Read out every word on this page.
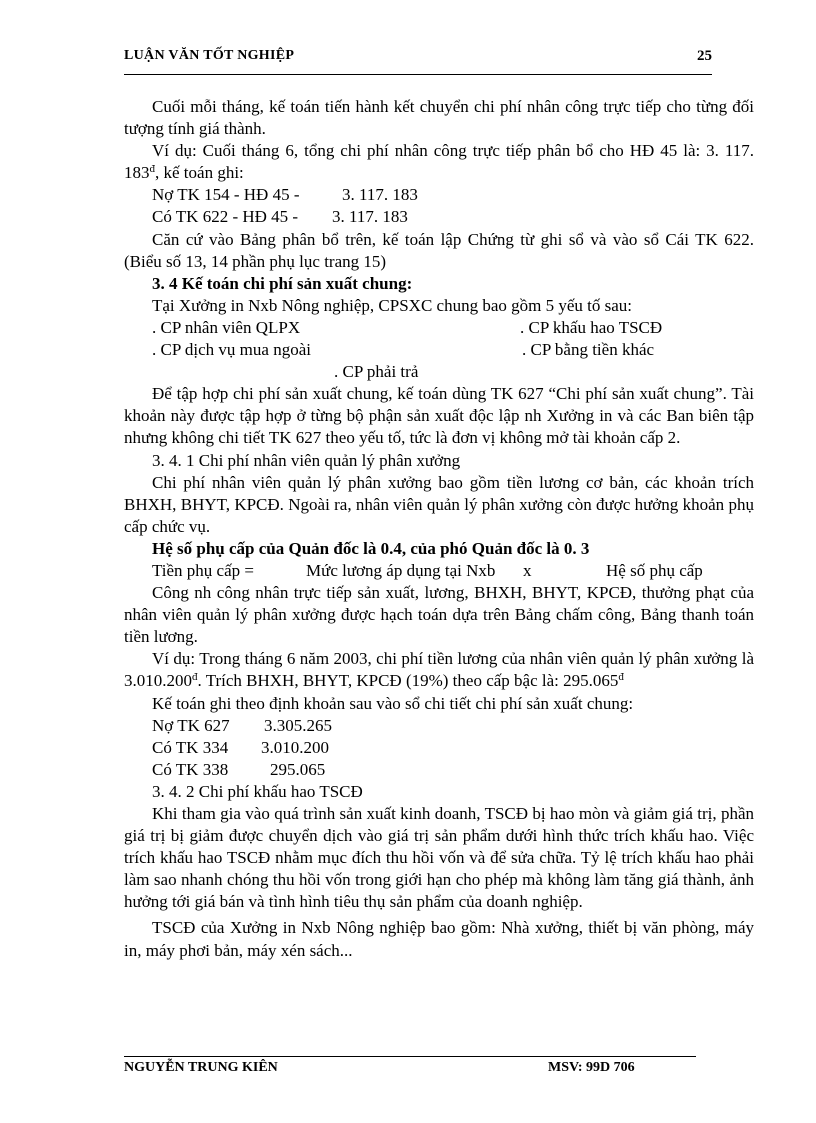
LUẬN VĂN TỐT NGHIỆP	25

Cuối mỗi tháng, kế toán tiến hành kết chuyển chi phí nhân công trực tiếp cho từng đối tượng tính giá thành.

Ví dụ: Cuối tháng 6, tổng chi phí nhân công trực tiếp phân bổ cho HĐ 45 là: 3. 117. $183^đ$, kế toán ghi:

Nợ TK 154 - HĐ 45 -	3. 117. 183
Có TK 622 - HĐ 45 - 3. 117. 183

Căn cứ vào Bảng phân bổ trên, kế toán lập Chứng từ ghi sổ và vào sổ Cái TK 622. (Biểu số 13, 14 phần phụ lục trang 15)

3. 4 Kế toán chi phí sản xuất chung:

Tại Xưởng in Nxb Nông nghiệp, CPSXC chung bao gồm 5 yếu tố sau:

. CP nhân viên QLPX	. CP khấu hao TSCĐ
. CP dịch vụ mua ngoài	. CP bằng tiền khác
. CP phải trả

Để tập hợp chi phí sản xuất chung, kế toán dùng TK 627 “Chi phí sản xuất chung”. Tài khoản này được tập hợp ở từng bộ phận sản xuất độc lập nh Xưởng in và các Ban biên tập nhưng không chi tiết TK 627 theo yếu tố, tức là đơn vị không mở tài khoản cấp 2.

3. 4. 1 Chi phí nhân viên quản lý phân xưởng

Chi phí nhân viên quản lý phân xưởng bao gồm tiền lương cơ bản, các khoản trích BHXH, BHYT, KPCĐ. Ngoài ra, nhân viên quản lý phân xưởng còn được hưởng khoản phụ cấp chức vụ.

Hệ số phụ cấp của Quản đốc là 0.4, của phó Quản đốc là 0. 3

Tiền phụ cấp =	Mức lương áp dụng tại Nxb x	Hệ số phụ cấp

Công nh công nhân trực tiếp sản xuất, lương, BHXH, BHYT, KPCĐ, thưởng phạt của nhân viên quản lý phân xưởng được hạch toán dựa trên Bảng chấm công, Bảng thanh toán tiền lương.

Ví dụ: Trong tháng 6 năm 2003, chi phí tiền lương của nhân viên quản lý phân xưởng là $3.010.200^đ$. Trích BHXH, BHYT, KPCĐ (19%) theo cấp bậc là: $295.065^đ$

Kế toán ghi theo định khoản sau vào sổ chi tiết chi phí sản xuất chung:

Nợ TK 627 3.305.265
Có TK 334 3.010.200
Có TK 338 295.065

3. 4. 2 Chi phí khấu hao TSCĐ

Khi tham gia vào quá trình sản xuất kinh doanh, TSCĐ bị hao mòn và giảm giá trị, phần giá trị bị giảm được chuyển dịch vào giá trị sản phẩm dưới hình thức trích khấu hao. Việc trích khấu hao TSCĐ nhằm mục đích thu hồi vốn và để sửa chữa. Tỷ lệ trích khấu hao phải làm sao nhanh chóng thu hồi vốn trong giới hạn cho phép mà không làm tăng giá thành, ảnh hưởng tới giá bán và tình hình tiêu thụ sản phẩm của doanh nghiệp.

TSCĐ của Xưởng in Nxb Nông nghiệp bao gồm: Nhà xưởng, thiết bị văn phòng, máy in, máy phơi bản, máy xén sách...

NGUYỄN TRUNG KIÊN	MSV: 99D 706
